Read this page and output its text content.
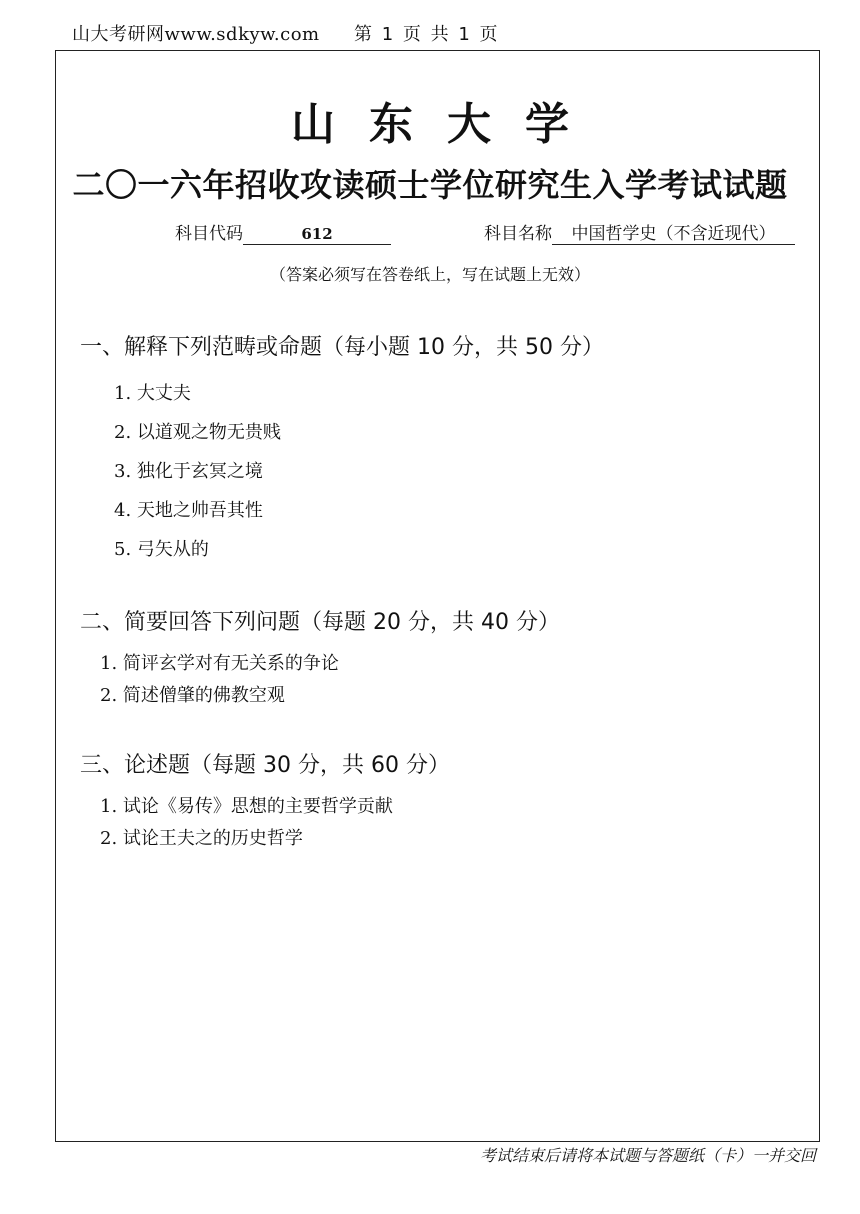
山大考研网www.sdkyw.com 第 1 页 共 1 页
山东大学
二〇一六年招收攻读硕士学位研究生入学考试试题
科目代码	612	科目名称 中国哲学史（不含近现代）
（答案必须写在答卷纸上，写在试题上无效）
一、解释下列范畴或命题（每小题 10 分，共 50 分）
1. 大丈夫
2. 以道观之物无贵贱
3. 独化于玄冥之境
4. 天地之帅吾其性
5. 弓矢从的
二、简要回答下列问题（每题 20 分，共 40 分）
1. 简评玄学对有无关系的争论
2. 简述僧肇的佛教空观
三、论述题（每题 30 分，共 60 分）
1. 试论《易传》思想的主要哲学贡献
2. 试论王夫之的历史哲学
考试结束后请将本试题与答题纸（卡）一并交回
